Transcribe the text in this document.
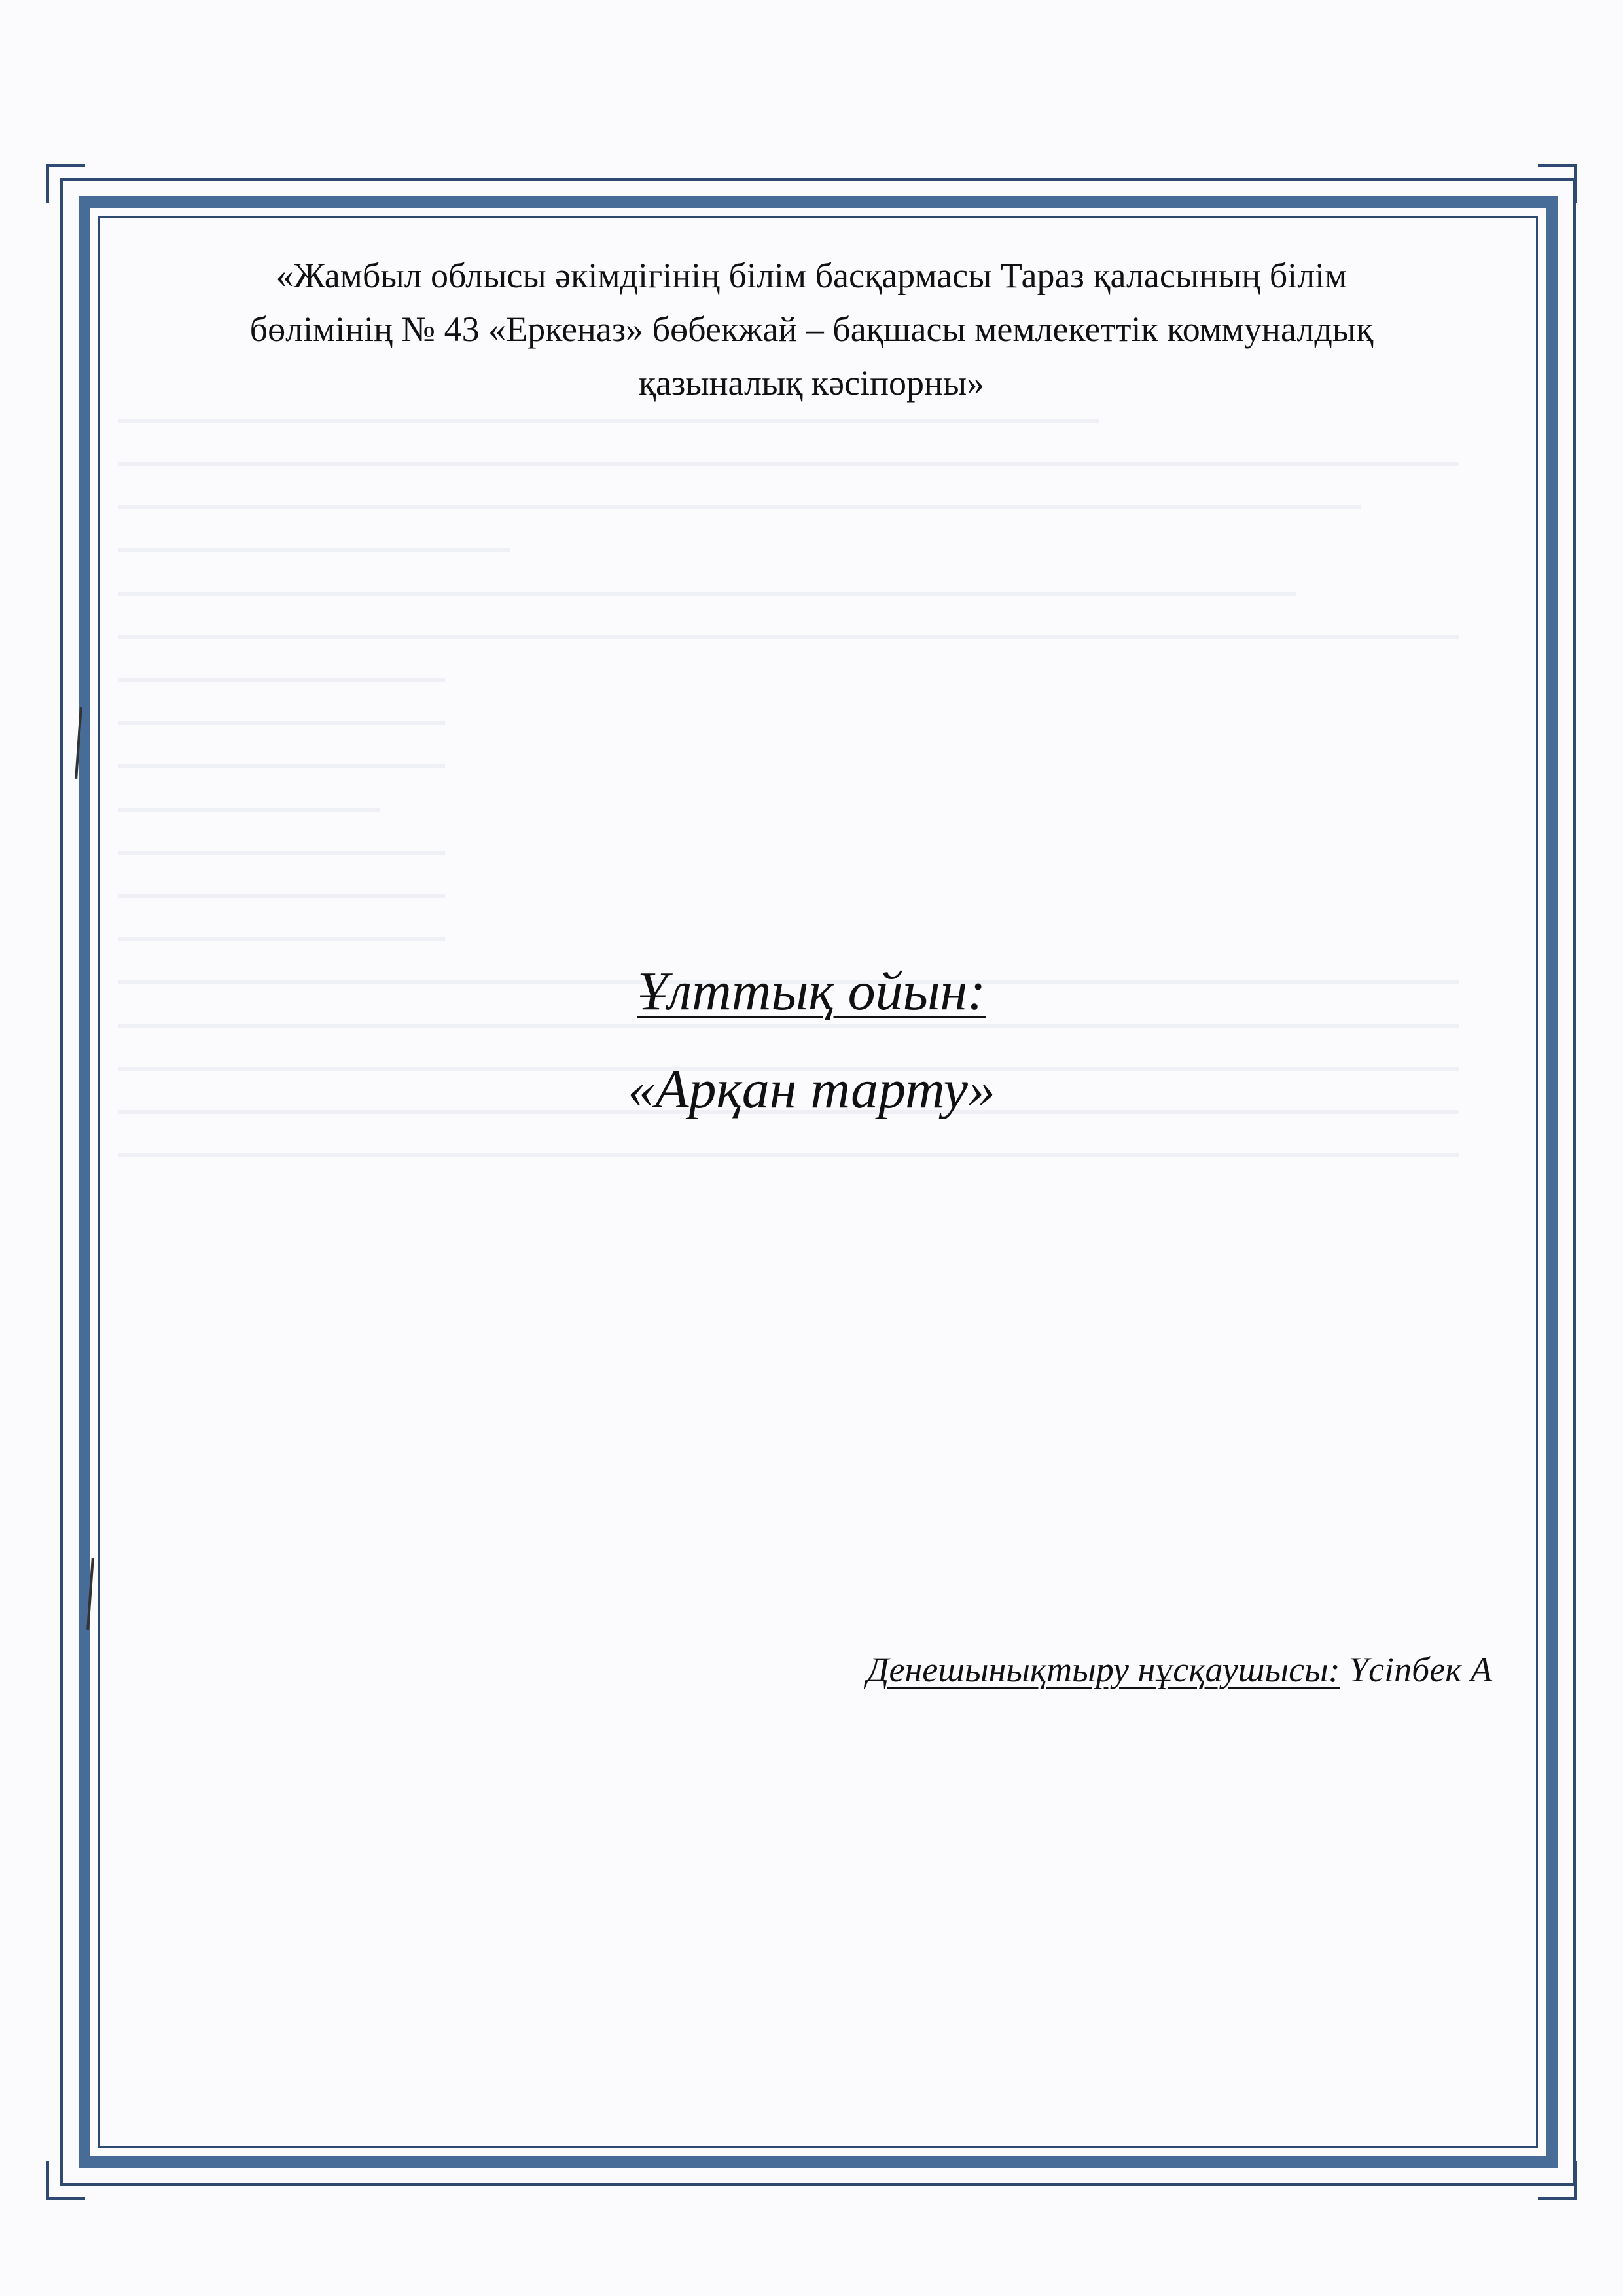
«Жамбыл облысы әкімдігінің білім басқармасы Тараз қаласының білім
бөлімінің № 43 «Еркеназ» бөбекжай – бақшасы мемлекеттік коммуналдық
қазыналық кәсіпорны»
Ұлттық ойын:
«Арқан тарту»
Денешынықтыру нұсқаушысы: Үсiпбек А
